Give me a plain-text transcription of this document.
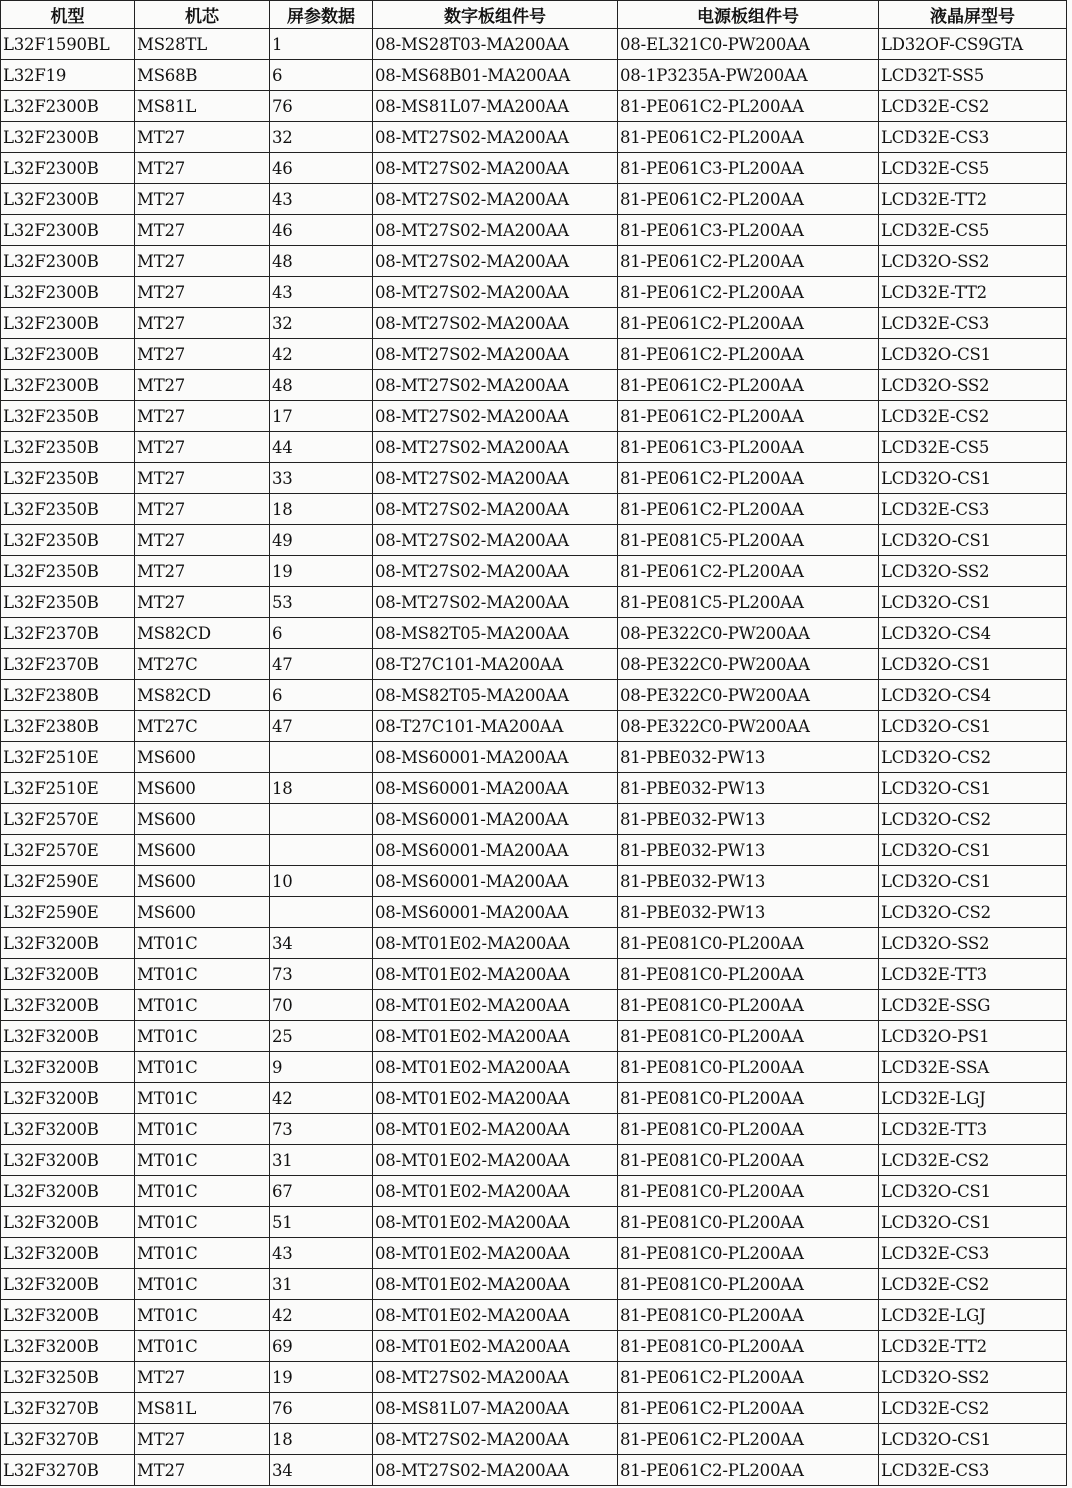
机型	机芯	屏参数据	数字板组件号	电源板组件号	液晶屏型号
L32F1590BL	MS28TL	1	08-MS28T03-MA200AA	08-EL321C0-PW200AA	LD32OF-CS9GTA
L32F19	MS68B	6	08-MS68B01-MA200AA	08-1P3235A-PW200AA	LCD32T-SS5
L32F2300B	MS81L	76	08-MS81L07-MA200AA	81-PE061C2-PL200AA	LCD32E-CS2
L32F2300B	MT27	32	08-MT27S02-MA200AA	81-PE061C2-PL200AA	LCD32E-CS3
L32F2300B	MT27	46	08-MT27S02-MA200AA	81-PE061C3-PL200AA	LCD32E-CS5
L32F2300B	MT27	43	08-MT27S02-MA200AA	81-PE061C2-PL200AA	LCD32E-TT2
L32F2300B	MT27	46	08-MT27S02-MA200AA	81-PE061C3-PL200AA	LCD32E-CS5
L32F2300B	MT27	48	08-MT27S02-MA200AA	81-PE061C2-PL200AA	LCD32O-SS2
L32F2300B	MT27	43	08-MT27S02-MA200AA	81-PE061C2-PL200AA	LCD32E-TT2
L32F2300B	MT27	32	08-MT27S02-MA200AA	81-PE061C2-PL200AA	LCD32E-CS3
L32F2300B	MT27	42	08-MT27S02-MA200AA	81-PE061C2-PL200AA	LCD32O-CS1
L32F2300B	MT27	48	08-MT27S02-MA200AA	81-PE061C2-PL200AA	LCD32O-SS2
L32F2350B	MT27	17	08-MT27S02-MA200AA	81-PE061C2-PL200AA	LCD32E-CS2
L32F2350B	MT27	44	08-MT27S02-MA200AA	81-PE061C3-PL200AA	LCD32E-CS5
L32F2350B	MT27	33	08-MT27S02-MA200AA	81-PE061C2-PL200AA	LCD32O-CS1
L32F2350B	MT27	18	08-MT27S02-MA200AA	81-PE061C2-PL200AA	LCD32E-CS3
L32F2350B	MT27	49	08-MT27S02-MA200AA	81-PE081C5-PL200AA	LCD32O-CS1
L32F2350B	MT27	19	08-MT27S02-MA200AA	81-PE061C2-PL200AA	LCD32O-SS2
L32F2350B	MT27	53	08-MT27S02-MA200AA	81-PE081C5-PL200AA	LCD32O-CS1
L32F2370B	MS82CD	6	08-MS82T05-MA200AA	08-PE322C0-PW200AA	LCD32O-CS4
L32F2370B	MT27C	47	08-T27C101-MA200AA	08-PE322C0-PW200AA	LCD32O-CS1
L32F2380B	MS82CD	6	08-MS82T05-MA200AA	08-PE322C0-PW200AA	LCD32O-CS4
L32F2380B	MT27C	47	08-T27C101-MA200AA	08-PE322C0-PW200AA	LCD32O-CS1
L32F2510E	MS600		08-MS60001-MA200AA	81-PBE032-PW13	LCD32O-CS2
L32F2510E	MS600	18	08-MS60001-MA200AA	81-PBE032-PW13	LCD32O-CS1
L32F2570E	MS600		08-MS60001-MA200AA	81-PBE032-PW13	LCD32O-CS2
L32F2570E	MS600		08-MS60001-MA200AA	81-PBE032-PW13	LCD32O-CS1
L32F2590E	MS600	10	08-MS60001-MA200AA	81-PBE032-PW13	LCD32O-CS1
L32F2590E	MS600		08-MS60001-MA200AA	81-PBE032-PW13	LCD32O-CS2
L32F3200B	MT01C	34	08-MT01E02-MA200AA	81-PE081C0-PL200AA	LCD32O-SS2
L32F3200B	MT01C	73	08-MT01E02-MA200AA	81-PE081C0-PL200AA	LCD32E-TT3
L32F3200B	MT01C	70	08-MT01E02-MA200AA	81-PE081C0-PL200AA	LCD32E-SSG
L32F3200B	MT01C	25	08-MT01E02-MA200AA	81-PE081C0-PL200AA	LCD32O-PS1
L32F3200B	MT01C	9	08-MT01E02-MA200AA	81-PE081C0-PL200AA	LCD32E-SSA
L32F3200B	MT01C	42	08-MT01E02-MA200AA	81-PE081C0-PL200AA	LCD32E-LGJ
L32F3200B	MT01C	73	08-MT01E02-MA200AA	81-PE081C0-PL200AA	LCD32E-TT3
L32F3200B	MT01C	31	08-MT01E02-MA200AA	81-PE081C0-PL200AA	LCD32E-CS2
L32F3200B	MT01C	67	08-MT01E02-MA200AA	81-PE081C0-PL200AA	LCD32O-CS1
L32F3200B	MT01C	51	08-MT01E02-MA200AA	81-PE081C0-PL200AA	LCD32O-CS1
L32F3200B	MT01C	43	08-MT01E02-MA200AA	81-PE081C0-PL200AA	LCD32E-CS3
L32F3200B	MT01C	31	08-MT01E02-MA200AA	81-PE081C0-PL200AA	LCD32E-CS2
L32F3200B	MT01C	42	08-MT01E02-MA200AA	81-PE081C0-PL200AA	LCD32E-LGJ
L32F3200B	MT01C	69	08-MT01E02-MA200AA	81-PE081C0-PL200AA	LCD32E-TT2
L32F3250B	MT27	19	08-MT27S02-MA200AA	81-PE061C2-PL200AA	LCD32O-SS2
L32F3270B	MS81L	76	08-MS81L07-MA200AA	81-PE061C2-PL200AA	LCD32E-CS2
L32F3270B	MT27	18	08-MT27S02-MA200AA	81-PE061C2-PL200AA	LCD32O-CS1
L32F3270B	MT27	34	08-MT27S02-MA200AA	81-PE061C2-PL200AA	LCD32E-CS3
